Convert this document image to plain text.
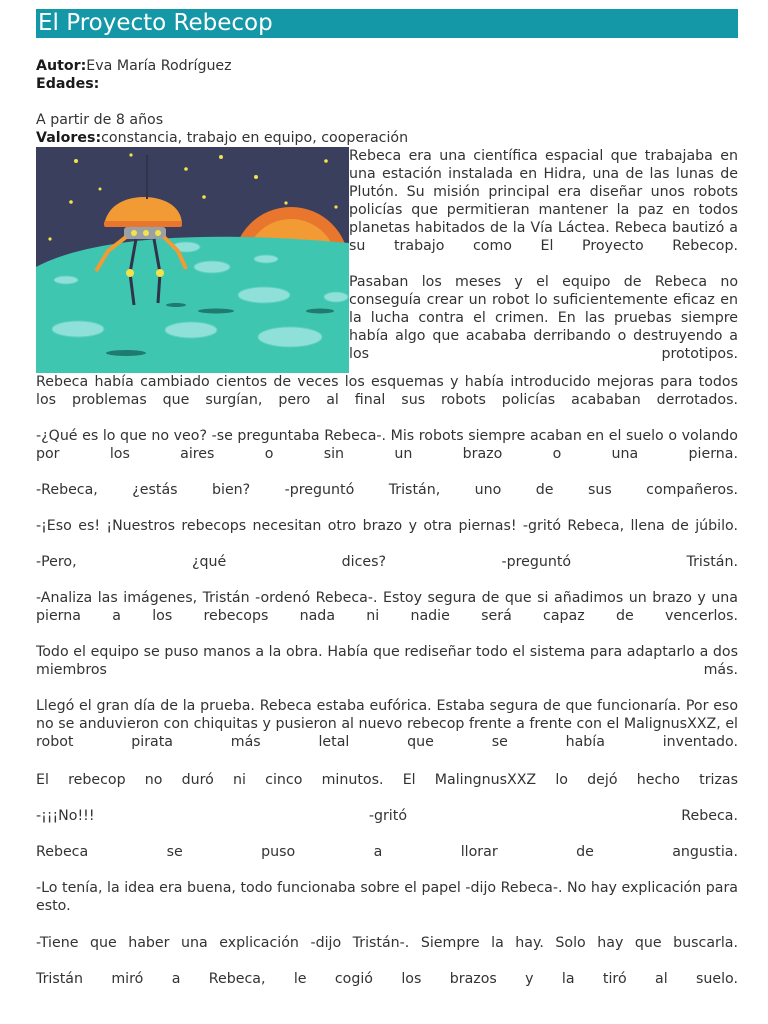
El Proyecto Rebecop
Autor:Eva María Rodríguez
Edades:
A partir de 8 años
Valores:constancia, trabajo en equipo, cooperación

Rebeca era una científica espacial que trabajaba en una estación instalada en Hidra, una de las lunas de Plutón. Su misión principal era diseñar unos robots policías que permitieran mantener la paz en todos planetas habitados de la Vía Láctea. Rebeca bautizó a su trabajo como El Proyecto Rebecop.

Pasaban los meses y el equipo de Rebeca no conseguía crear un robot lo suficientemente eficaz en la lucha contra el crimen. En las pruebas siempre había algo que acababa derribando o destruyendo a los prototipos.

Rebeca había cambiado cientos de veces los esquemas y había introducido mejoras para todos los problemas que surgían, pero al final sus robots policías acababan derrotados.

-¿Qué es lo que no veo? -se preguntaba Rebeca-. Mis robots siempre acaban en el suelo o volando por los aires o sin un brazo o una pierna.

-Rebeca, ¿estás bien? -preguntó Tristán, uno de sus compañeros.

-¡Eso es! ¡Nuestros rebecops necesitan otro brazo y otra piernas! -gritó Rebeca, llena de júbilo.

-Pero, ¿qué dices? -preguntó Tristán.

-Analiza las imágenes, Tristán -ordenó Rebeca-. Estoy segura de que si añadimos un brazo y una pierna a los rebecops nada ni nadie será capaz de vencerlos.

Todo el equipo se puso manos a la obra. Había que rediseñar todo el sistema para adaptarlo a dos miembros más.

Llegó el gran día de la prueba. Rebeca estaba eufórica. Estaba segura de que funcionaría. Por eso no se anduvieron con chiquitas y pusieron al nuevo rebecop frente a frente con el MalignusXXZ, el robot pirata más letal que se había inventado.

El rebecop no duró ni cinco minutos. El MalingnusXXZ lo dejó hecho trizas

-¡¡¡No!!! -gritó Rebeca.

Rebeca se puso a llorar de angustia.

-Lo tenía, la idea era buena, todo funcionaba sobre el papel -dijo Rebeca-. No hay explicación para esto.

-Tiene que haber una explicación -dijo Tristán-. Siempre la hay. Solo hay que buscarla.

Tristán miró a Rebeca, le cogió los brazos y la tiró al suelo.
